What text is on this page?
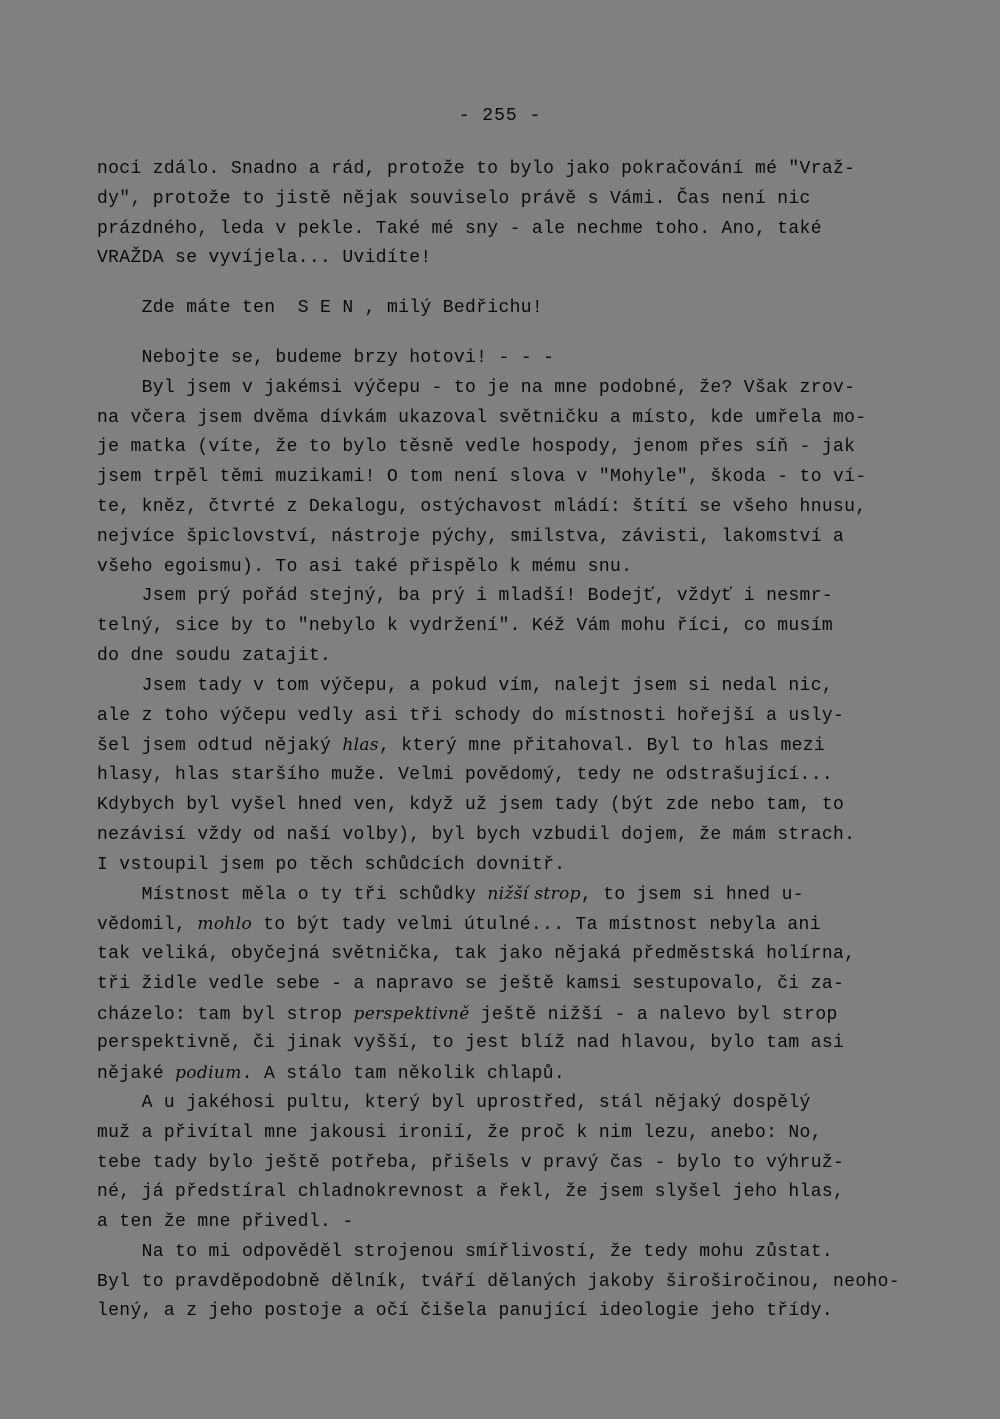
- 255 -
noci zdálo. Snadno a rád, protože to bylo jako pokračování mé "Vraž-
dy", protože to jistě nějak souviselo právě s Vámi. Čas není nic
prázdného, leda v pekle. Také mé sny - ale nechme toho. Ano, také
VRAŽDA se vyvíjela... Uvidíte!
Zde máte ten  S E N , milý Bedřichu!
Nebojte se, budeme brzy hotovi! - - -
Byl jsem v jakémsi výčepu - to je na mne podobné, že? Však zrov-
na včera jsem dvěma dívkám ukazoval světničku a místo, kde umřela mo-
je matka (víte, že to bylo těsně vedle hospody, jenom přes síň - jak
jsem trpěl těmi muzikami! O tom není slova v "Mohyle", škoda - to ví-
te, kněz, čtvrté z Dekalogu, ostýchavost mládí: štítí se všeho hnusu,
nejvíce špiclovství, nástroje pýchy, smilstva, závisti, lakomství a
všeho egoismu). To asi také přispělo k mému snu.
Jsem prý pořád stejný, ba prý i mladší! Bodejť, vždyť i nesmr-
telný, sice by to "nebylo k vydržení". Kéž Vám mohu říci, co musím
do dne soudu zatajit.
Jsem tady v tom výčepu, a pokud vím, nalejt jsem si nedal nic,
ale z toho výčepu vedly asi tři schody do místnosti hořejší a usly-
šel jsem odtud nějaký hlas, který mne přitahoval. Byl to hlas mezi
hlasy, hlas staršího muže. Velmi povědomý, tedy ne odstrašující...
Kdybych byl vyšel hned ven, když už jsem tady (být zde nebo tam, to
nezávisí vždy od naší volby), byl bych vzbudil dojem, že mám strach.
I vstoupil jsem po těch schůdcích dovnitř.
Místnost měla o ty tři schůdky nižší strop, to jsem si hned u-
vědomil, mohlo to být tady velmi útulné... Ta místnost nebyla ani
tak veliká, obyčejná světnička, tak jako nějaká předměstská holírna,
tři židle vedle sebe - a napravo se ještě kamsi sestupovalo, či za-
cházelo: tam byl strop perspektivně ještě nižší - a nalevo byl strop
perspektivně, či jinak vyšší, to jest blíž nad hlavou, bylo tam asi
nějaké podium. A stálo tam několik chlapů.
A u jakéhosi pultu, který byl uprostřed, stál nějaký dospělý
muž a přivítal mne jakousi ironií, že proč k nim lezu, anebo: No,
tebe tady bylo ještě potřeba, přišels v pravý čas - bylo to výhruž-
né, já předstíral chladnokrevnost a řekl, že jsem slyšel jeho hlas,
a ten že mne přivedl. -
Na to mi odpověděl strojenou smířlivostí, že tedy mohu zůstat.
Byl to pravděpodobně dělník, tváří dělaných jakoby široširočinou, neoho-
lený, a z jeho postoje a očí čišela panující ideologie jeho třídy.
